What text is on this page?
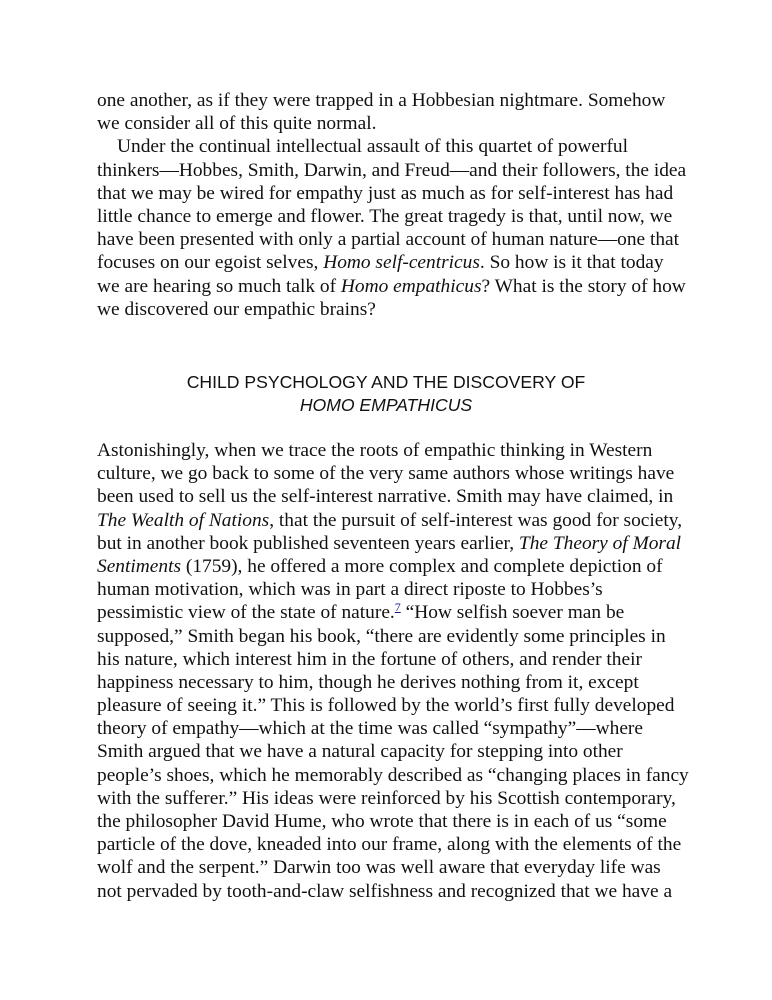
one another, as if they were trapped in a Hobbesian nightmare. Somehow
we consider all of this quite normal.
Under the continual intellectual assault of this quartet of powerful
thinkers—Hobbes, Smith, Darwin, and Freud—and their followers, the idea
that we may be wired for empathy just as much as for self-interest has had
little chance to emerge and flower. The great tragedy is that, until now, we
have been presented with only a partial account of human nature—one that
focuses on our egoist selves, Homo self-centricus. So how is it that today
we are hearing so much talk of Homo empathicus? What is the story of how
we discovered our empathic brains?
CHILD PSYCHOLOGY AND THE DISCOVERY OF
HOMO EMPATHICUS
Astonishingly, when we trace the roots of empathic thinking in Western
culture, we go back to some of the very same authors whose writings have
been used to sell us the self-interest narrative. Smith may have claimed, in
The Wealth of Nations, that the pursuit of self-interest was good for society,
but in another book published seventeen years earlier, The Theory of Moral
Sentiments (1759), he offered a more complex and complete depiction of
human motivation, which was in part a direct riposte to Hobbes’s
pessimistic view of the state of nature.$^7$ “How selfish soever man be
supposed,” Smith began his book, “there are evidently some principles in
his nature, which interest him in the fortune of others, and render their
happiness necessary to him, though he derives nothing from it, except
pleasure of seeing it.” This is followed by the world’s first fully developed
theory of empathy—which at the time was called “sympathy”—where
Smith argued that we have a natural capacity for stepping into other
people’s shoes, which he memorably described as “changing places in fancy
with the sufferer.” His ideas were reinforced by his Scottish contemporary,
the philosopher David Hume, who wrote that there is in each of us “some
particle of the dove, kneaded into our frame, along with the elements of the
wolf and the serpent.” Darwin too was well aware that everyday life was
not pervaded by tooth-and-claw selfishness and recognized that we have a
